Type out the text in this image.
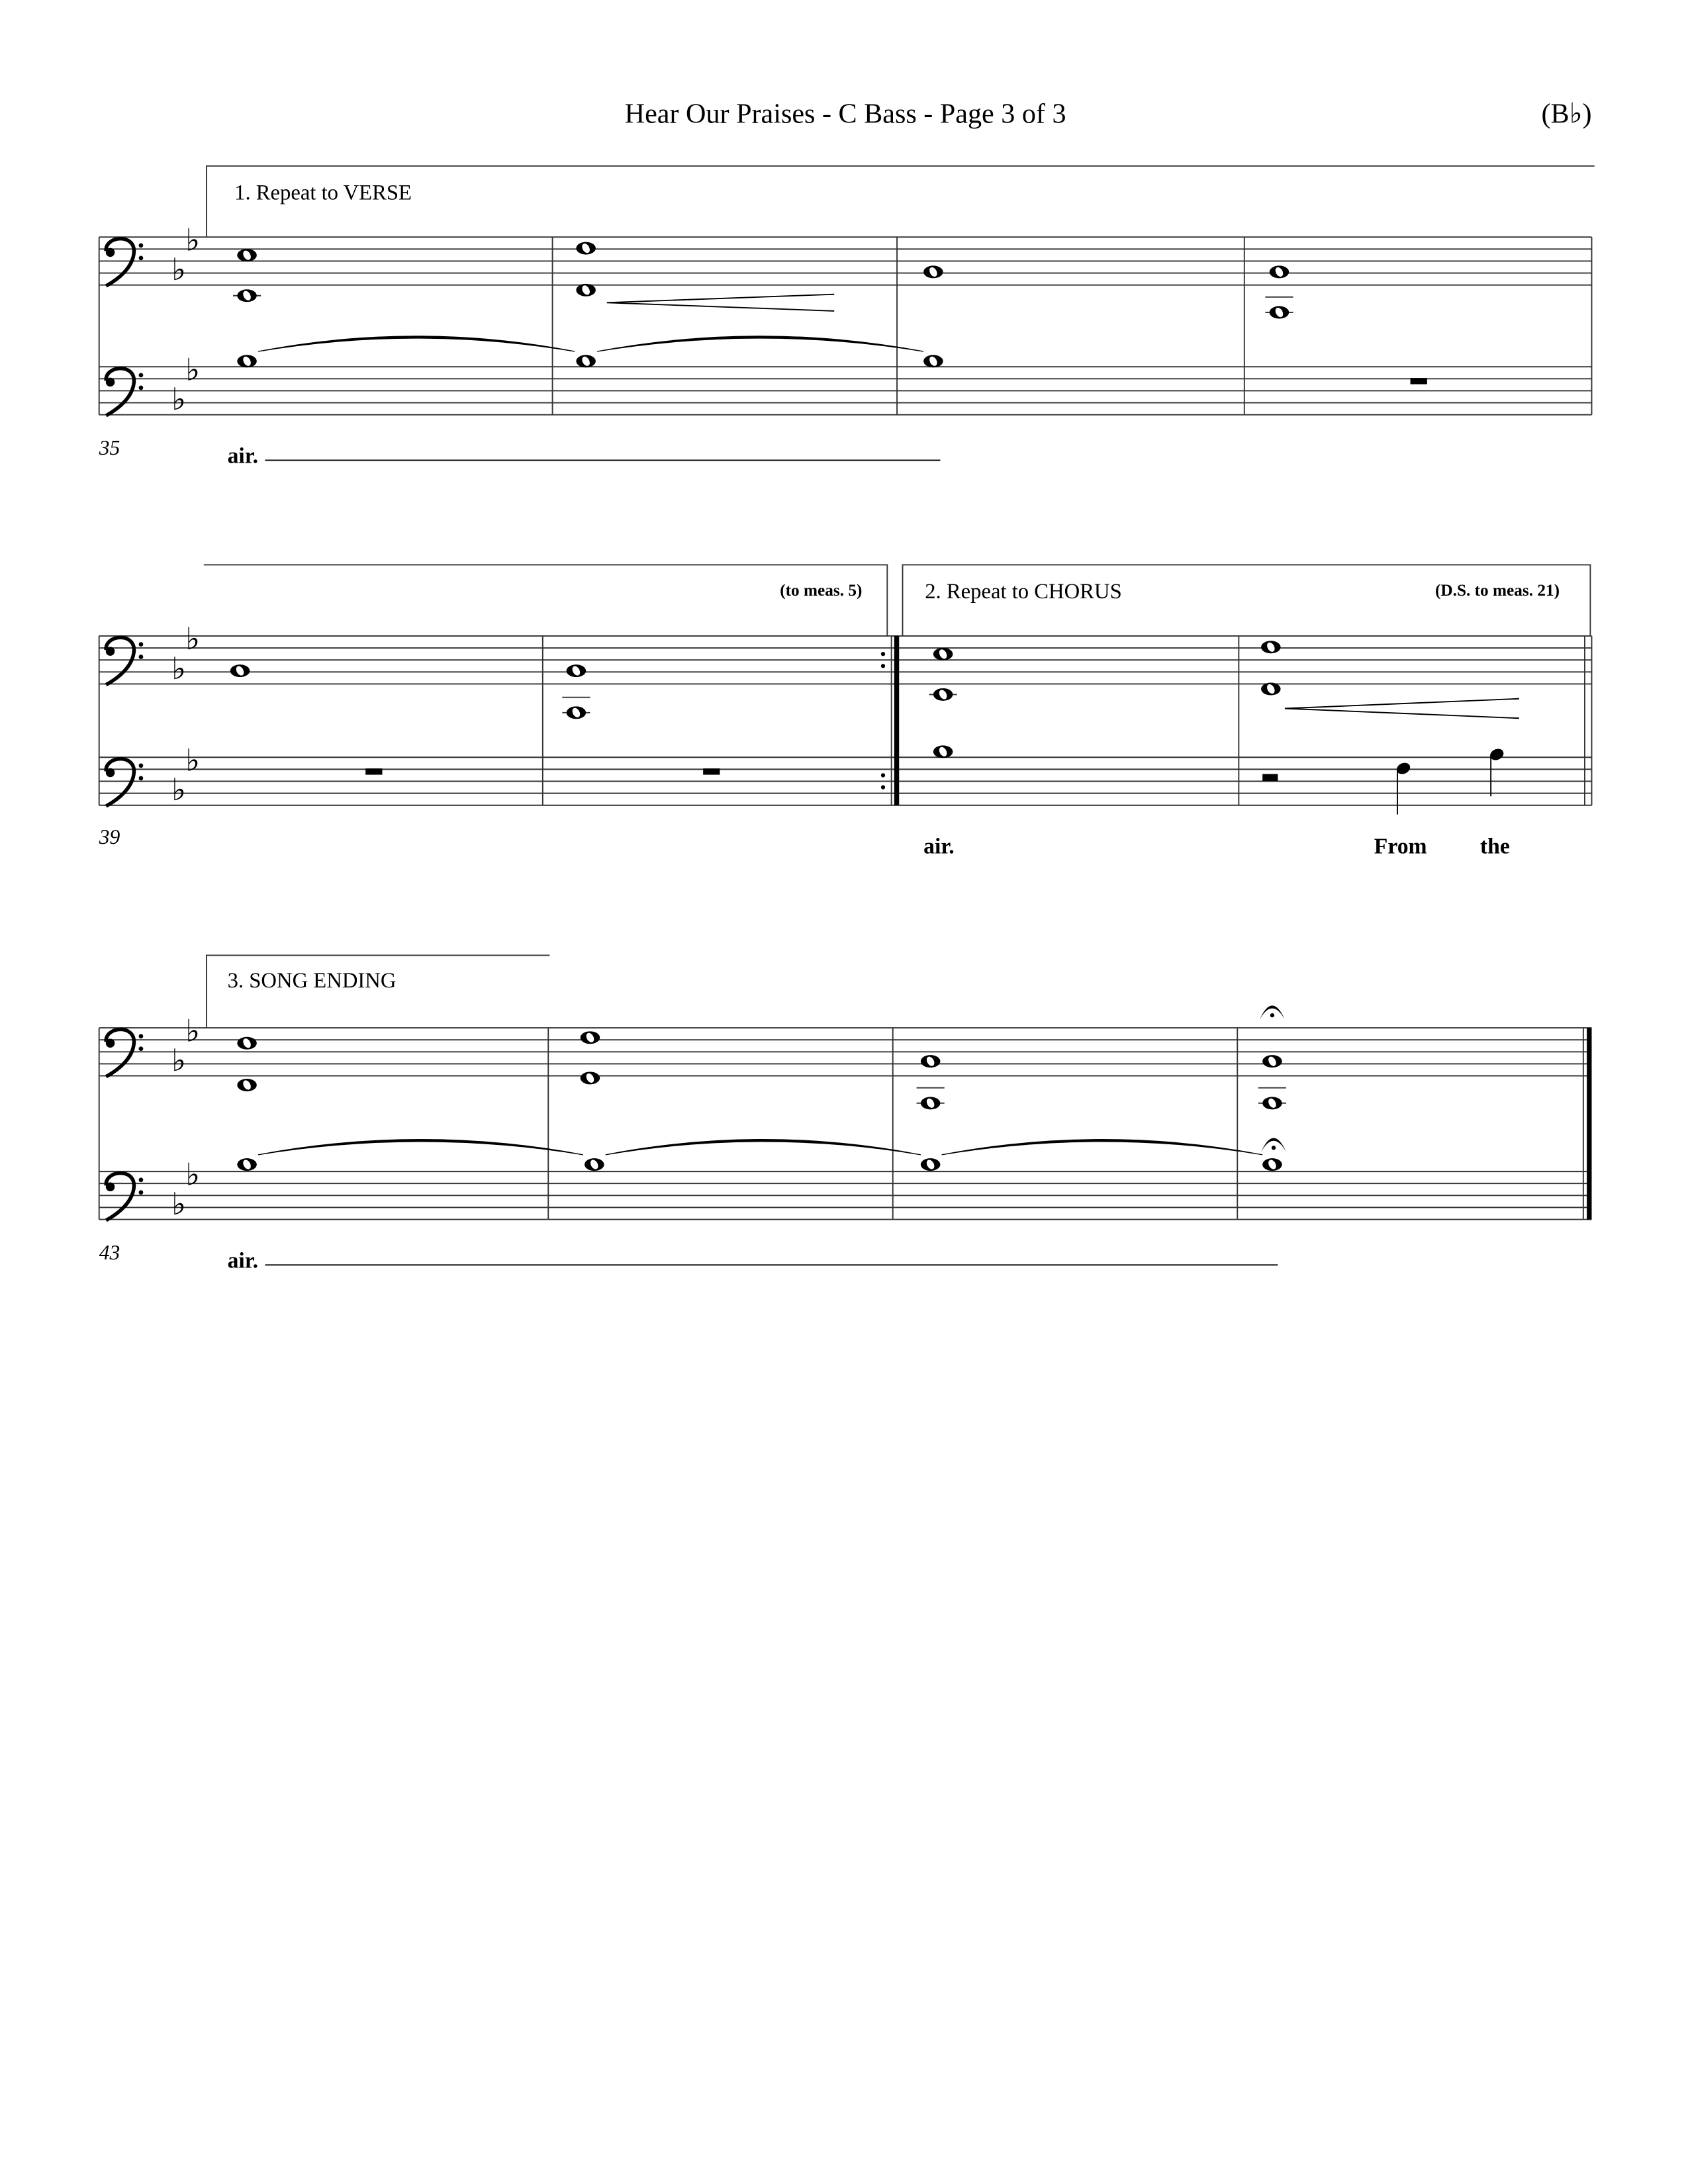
Hear Our Praises - C Bass - Page 3 of 3	(B♭)
1. Repeat to VERSE
35	air.
♭
♭
♭
♭
(to meas. 5)	2. Repeat to CHORUS	(D.S. to meas. 21)
39	air.	From	the
♭
♭
♭
♭
3. SONG ENDING
43	air.
♭
♭
♭
♭
